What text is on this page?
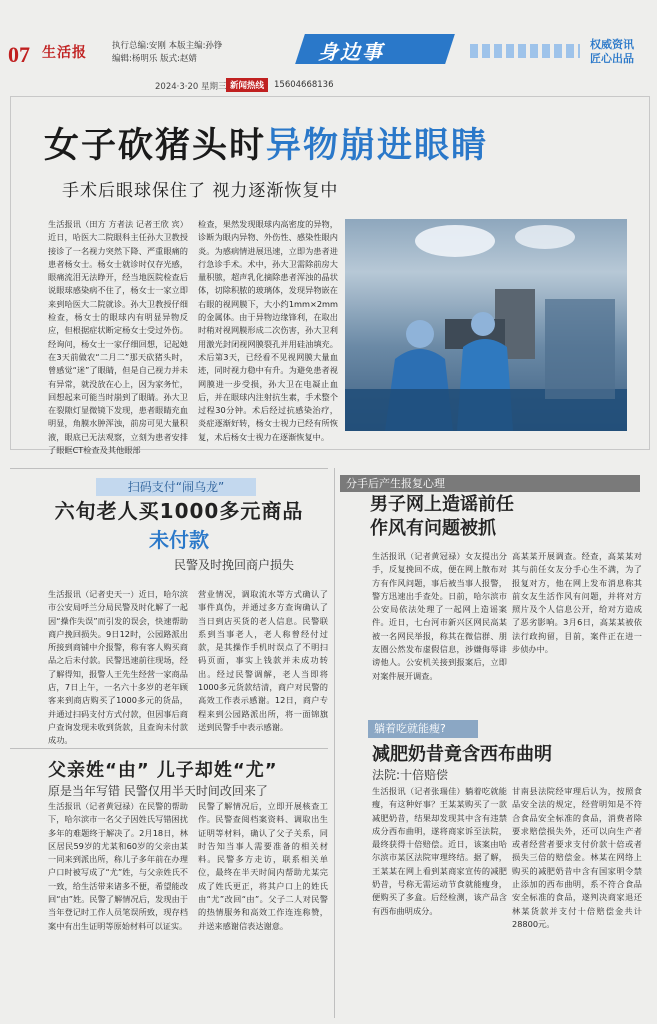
07 生活报	执行总编:安刚 本版主编:孙铮
编辑:杨明乐 版式:赵婧	身边事	权威资讯
匠心出品
2024·3·20 星期三 新闻热线	15604668136
女子砍猪头时异物崩进眼睛
手术后眼球保住了 视力逐渐恢复中
生活报讯（田方 方者法 记者王欣 宾）近日，哈医大二院眼科主任孙大卫教授接诊了一名视力突然下降、严重眼痛的患者杨女士。杨女士就诊时仅存光感，眼痛流泪无法睁开，经当地医院检查后说眼球感染病不住了，杨女士一家立即来到哈医大二院就诊。孙大卫教授仔细检查，杨女士的眼球内有明显异物反应，但根据症状断定杨女士受过外伤。经询问，杨女士一家仔细回想，记起她在3天前做农“二月二”那天砍猪头时，曾感觉“迷”了眼睛，但是自己视力并未有异常，就没放在心上，因为家务忙，回想起来可能当时崩到了眼睛。孙大卫在裂隙灯显微镜下发现，患者眼睛充血明显，角膜水肿浑浊，前房可见大量积液，眼底已无法观察，立刻为患者安排了眼眶CT检查及其他眼部
检查，果然发现眼球内高密度的异物，诊断为眼内异物、外伤性、感染性眼内炎。为感病情进展迅速，立即为患者进行急诊手术。术中，孙大卫需除前房大量积脓，超声乳化摘除患者浑浊的晶状体，切除积脓的玻璃体，发现异物嵌在右眼的视网膜下，大小约1mm×2mm的金属体。由于异物边缘锋利，在取出时稍对视网膜形成二次伤害，孙大卫利用激光封闭视网膜裂孔并用硅油填充。术后第3天，已经看不见视网膜大量血迹，同时视力稳中有升。为避免患者视网膜进一步受损，孙大卫在电凝止血后，并在眼球内注射抗生素，手术整个过程30分钟。术后经过抗感染治疗，炎症逐渐好转，杨女士视力已经有所恢复，术后杨女士视力在逐渐恢复中。
扫码支付“闹乌龙”
六旬老人买1000多元商品
未付款
民警及时挽回商户损失
生活报讯（记者史天一）近日，哈尔滨市公安局呼兰分局民警及时化解了一起因“操作失误”而引发的误会，快速帮助商户挽回损失。9日12时，公园路派出所接到商铺中介报警，称有客人购买商品之后未付款。民警迅速前往现场，经了解得知，报警人王先生经营一家商品店，7日上午，一名六十多岁的老年顾客来到商店购买了1000多元的货品，并通过扫码支付方式付款，但因事后商户查询发现未收到货款，且查询未付款成功。
营业情况，调取流水等方式确认了事件真伪，并通过多方查询确认了当日到店买货的老人信息。民警联系到当事老人，老人称曾经付过款，是其操作手机时误点了不明扫码页面，事实上钱款并未成功转出。经过民警调解，老人当即将1000多元货款结清，商户对民警的高效工作表示感谢。12日，商户专程来到公园路派出所，将一面锦旗送到民警手中表示感谢。
父亲姓“由” 儿子却姓“尤”
原是当年写错 民警仅用半天时间改回来了
生活报讯（记者黄冠禄）在民警的帮助下，哈尔滨市一名父子因姓氏写错困扰多年的难题终于解决了。2月18日，林区居民59岁的尤某和60岁的父亲由某一同来到派出所，称儿子多年前在办理户口时被写成了“尤”姓，与父亲姓氏不一致，给生活带来诸多不便，希望能改回“由”姓。民警了解情况后，发现由于当年登记时工作人员笔误所致，现存档案中有出生证明等原始材料可以证实。
民警了解情况后，立即开展核查工作。民警查阅档案资料、调取出生证明等材料，确认了父子关系，同时告知当事人需要准备的相关材料。民警多方走访，联系相关单位，最终在半天时间内帮助尤某完成了姓氏更正，将其户口上的姓氏由“尤”改回“由”。父子二人对民警的热情服务和高效工作连连称赞，并送来感谢信表达谢意。
分手后产生报复心理
男子网上造谣前任
作风有问题被抓
生活报讯（记者黄冠禄）女友提出分手，反复挽回不成，便在网上散布对方有作风问题，事后被当事人报警，警方迅速出手查处。日前，哈尔滨市公安局依法处理了一起网上造谣案件。近日，七台河市新兴区网民高某被一名网民举报，称其在微信群、朋友圈公然发布虚假信息，涉嫌侮辱诽谤他人。公安机关接到报案后，立即对案件展开调查。
高某某开展调查。经查，高某某对其与前任女友分手心生不满，为了报复对方，他在网上发布消息称其前女友生活作风有问题，并将对方照片及个人信息公开，给对方造成了恶劣影响。3月6日，高某某被依法行政拘留，目前，案件正在进一步侦办中。
躺着吃就能瘦?
减肥奶昔竟含西布曲明
法院:十倍赔偿
生活报讯（记者张瑞佳）躺着吃就能瘦，有这种好事？王某某购买了一款减肥奶昔，结果却发现其中含有违禁成分西布曲明，遂将商家诉至法院，最终获得十倍赔偿。近日，该案由哈尔滨市某区法院审理终结。据了解，王某某在网上看到某商家宣传的减肥奶昔，号称无需运动节食就能瘦身，便购买了多盒。后经检测，该产品含有西布曲明成分。
甘南县法院经审理后认为，按照食品安全法的规定，经营明知是不符合食品安全标准的食品，消费者除要求赔偿损失外，还可以向生产者或者经营者要求支付价款十倍或者损失三倍的赔偿金。林某在网络上购买的减肥奶昔中含有国家明令禁止添加的西布曲明，系不符合食品安全标准的食品，遂判决商家退还林某货款并支付十倍赔偿金共计28800元。
